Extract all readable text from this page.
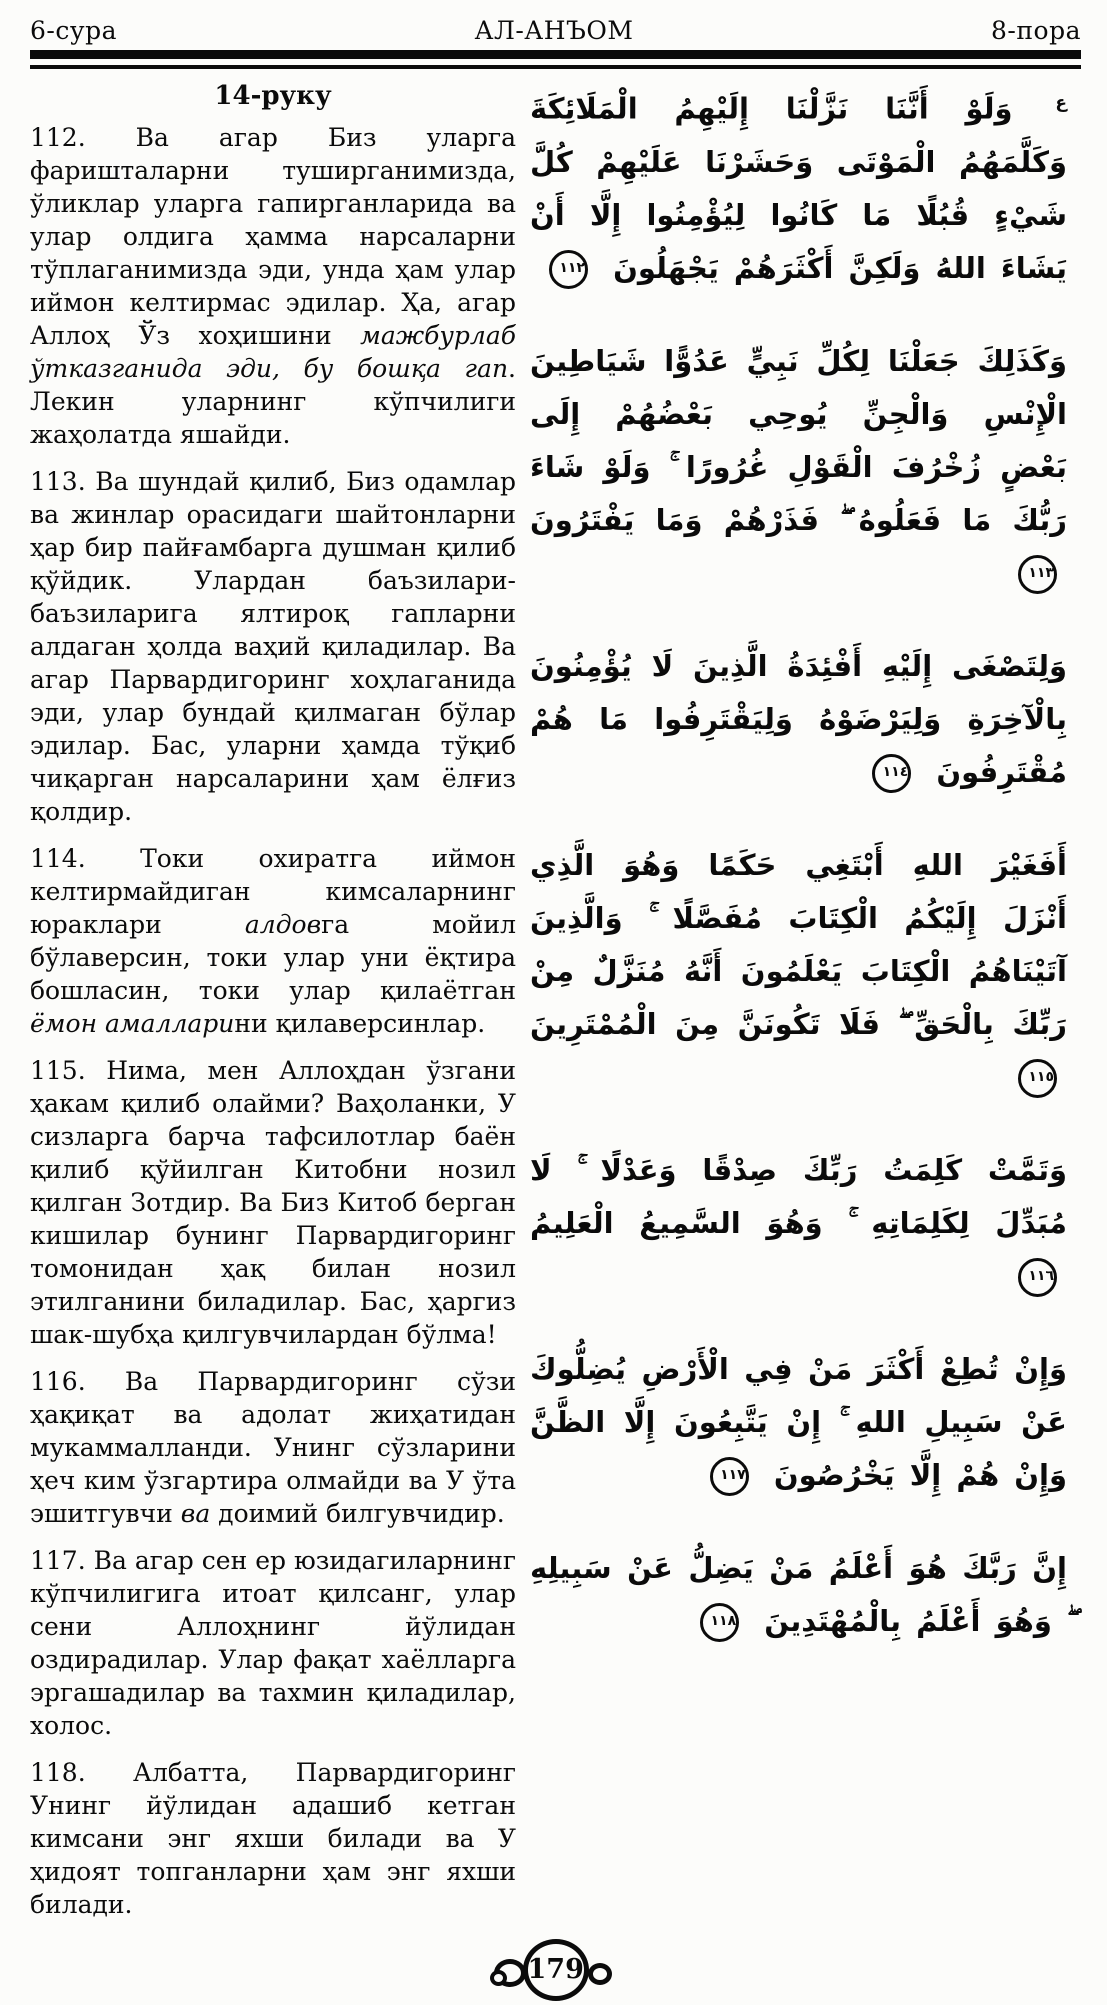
6-сура	АЛ-АНЪОМ	8-пора
14-руку

112. Ва агар Биз уларга фаришталарни туширганимизда, ўликлар уларга гапирганларида ва улар олдига ҳамма нарсаларни тўплаганимизда эди, унда ҳам улар иймон келтирмас эдилар. Ҳа, агар Аллоҳ Ўз хоҳишини мажбурлаб ўтказганида эди, бу бошқа гап. Лекин уларнинг кўпчилиги жаҳолатда яшайди.

113. Ва шундай қилиб, Биз одамлар ва жинлар орасидаги шайтонларни ҳар бир пайғамбарга душман қилиб қўйдик. Улардан баъзилари-баъзиларига ялтироқ гапларни алдаган ҳолда ваҳий қиладилар. Ва агар Парвардигоринг хоҳлаганида эди, улар бундай қилмаган бўлар эдилар. Бас, уларни ҳамда тўқиб чиқарган нарсаларини ҳам ёлғиз қолдир.

114. Токи охиратга иймон келтирмайдиган кимсаларнинг юраклари алдовга мойил бўлаверсин, токи улар уни ёқтира бошласин, токи улар қилаётган ёмон амалларини қилаверсинлар.

115. Нима, мен Аллоҳдан ўзгани ҳакам қилиб олайми? Ваҳоланки, У сизларга барча тафсилотлар баён қилиб қўйилган Китобни нозил қилган Зотдир. Ва Биз Китоб берган кишилар бунинг Парвардигоринг томонидан ҳақ билан нозил этилганини биладилар. Бас, ҳаргиз шак-шубҳа қилгувчилардан бўлма!

116. Ва Парвардигоринг сўзи ҳақиқат ва адолат жиҳатидан мукаммалланди. Унинг сўзларини ҳеч ким ўзгартира олмайди ва У ўта эшитгувчи ва доимий билгувчидир.

117. Ва агар сен ер юзидагиларнинг кўпчилигига итоат қилсанг, улар сени Аллоҳнинг йўлидан оздирадилар. Улар фақат хаёлларга эргашадилар ва тахмин қиладилар, холос.

118. Албатта, Парвардигоринг Унинг йўлидан адашиб кетган кимсани энг яхши билади ва У ҳидоят топганларни ҳам энг яхши билади.

$^ع$ وَلَوْ أَنَّنَا نَزَّلْنَا إِلَيْهِمُ الْمَلَائِكَةَ وَكَلَّمَهُمُ الْمَوْتَى وَحَشَرْنَا عَلَيْهِمْ كُلَّ شَيْءٍ قُبُلًا مَا كَانُوا لِيُؤْمِنُوا إِلَّا أَنْ يَشَاءَ اللهُ وَلَكِنَّ أَكْثَرَهُمْ يَجْهَلُونَ ١١٢
وَكَذَلِكَ جَعَلْنَا لِكُلِّ نَبِيٍّ عَدُوًّا شَيَاطِينَ الْإِنْسِ وَالْجِنِّ يُوحِي بَعْضُهُمْ إِلَى بَعْضٍ زُخْرُفَ الْقَوْلِ غُرُورًا ۚ وَلَوْ شَاءَ رَبُّكَ مَا فَعَلُوهُ ۖ فَذَرْهُمْ وَمَا يَفْتَرُونَ ١١٣
وَلِتَصْغَى إِلَيْهِ أَفْئِدَةُ الَّذِينَ لَا يُؤْمِنُونَ بِالْآخِرَةِ وَلِيَرْضَوْهُ وَلِيَقْتَرِفُوا مَا هُمْ مُقْتَرِفُونَ ١١٤
أَفَغَيْرَ اللهِ أَبْتَغِي حَكَمًا وَهُوَ الَّذِي أَنْزَلَ إِلَيْكُمُ الْكِتَابَ مُفَصَّلًا ۚ وَالَّذِينَ آتَيْنَاهُمُ الْكِتَابَ يَعْلَمُونَ أَنَّهُ مُنَزَّلٌ مِنْ رَبِّكَ بِالْحَقِّ ۖ فَلَا تَكُونَنَّ مِنَ الْمُمْتَرِينَ ١١٥
وَتَمَّتْ كَلِمَتُ رَبِّكَ صِدْقًا وَعَدْلًا ۚ لَا مُبَدِّلَ لِكَلِمَاتِهِ ۚ وَهُوَ السَّمِيعُ الْعَلِيمُ ١١٦
وَإِنْ تُطِعْ أَكْثَرَ مَنْ فِي الْأَرْضِ يُضِلُّوكَ عَنْ سَبِيلِ اللهِ ۚ إِنْ يَتَّبِعُونَ إِلَّا الظَّنَّ وَإِنْ هُمْ إِلَّا يَخْرُصُونَ ١١٧
إِنَّ رَبَّكَ هُوَ أَعْلَمُ مَنْ يَضِلُّ عَنْ سَبِيلِهِ ۖ وَهُوَ أَعْلَمُ بِالْمُهْتَدِينَ ١١٨
179
